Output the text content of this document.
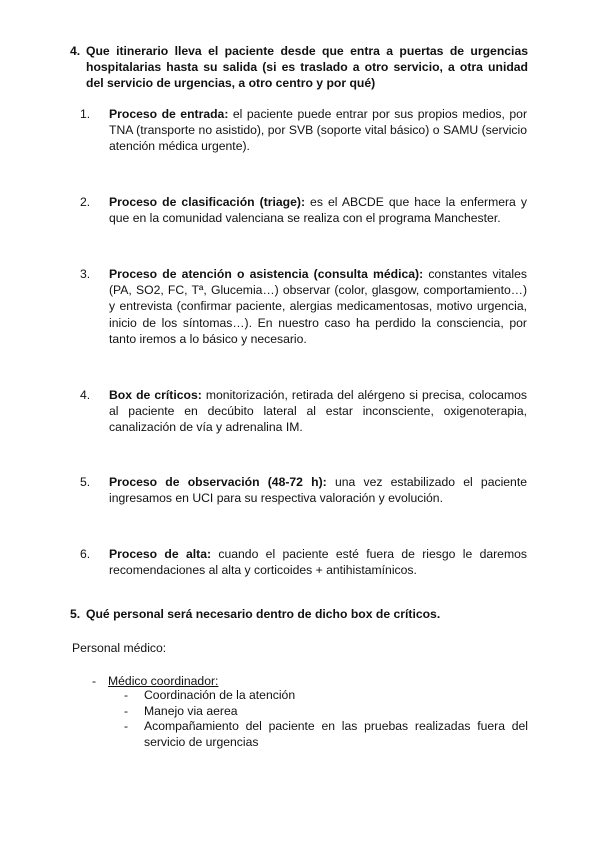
4. Que itinerario lleva el paciente desde que entra a puertas de urgencias hospitalarias hasta su salida (si es traslado a otro servicio, a otra unidad del servicio de urgencias, a otro centro y por qué)
1. Proceso de entrada: el paciente puede entrar por sus propios medios, por TNA (transporte no asistido), por SVB (soporte vital básico) o SAMU (servicio atención médica urgente).
2. Proceso de clasificación (triage): es el ABCDE que hace la enfermera y que en la comunidad valenciana se realiza con el programa Manchester.
3. Proceso de atención o asistencia (consulta médica): constantes vitales (PA, SO2, FC, Tª, Glucemia…) observar (color, glasgow, comportamiento…) y entrevista (confirmar paciente, alergias medicamentosas, motivo urgencia, inicio de los síntomas…). En nuestro caso ha perdido la consciencia, por tanto iremos a lo básico y necesario.
4. Box de críticos: monitorización, retirada del alérgeno si precisa, colocamos al paciente en decúbito lateral al estar inconsciente, oxigenoterapia, canalización de vía y adrenalina IM.
5. Proceso de observación (48-72 h): una vez estabilizado el paciente ingresamos en UCI para su respectiva valoración y evolución.
6. Proceso de alta: cuando el paciente esté fuera de riesgo le daremos recomendaciones al alta y corticoides + antihistamínicos.
5. Qué personal será necesario dentro de dicho box de críticos.
Personal médico:
- Médico coordinador:
- Coordinación de la atención
- Manejo via aerea
- Acompañamiento del paciente en las pruebas realizadas fuera del servicio de urgencias
